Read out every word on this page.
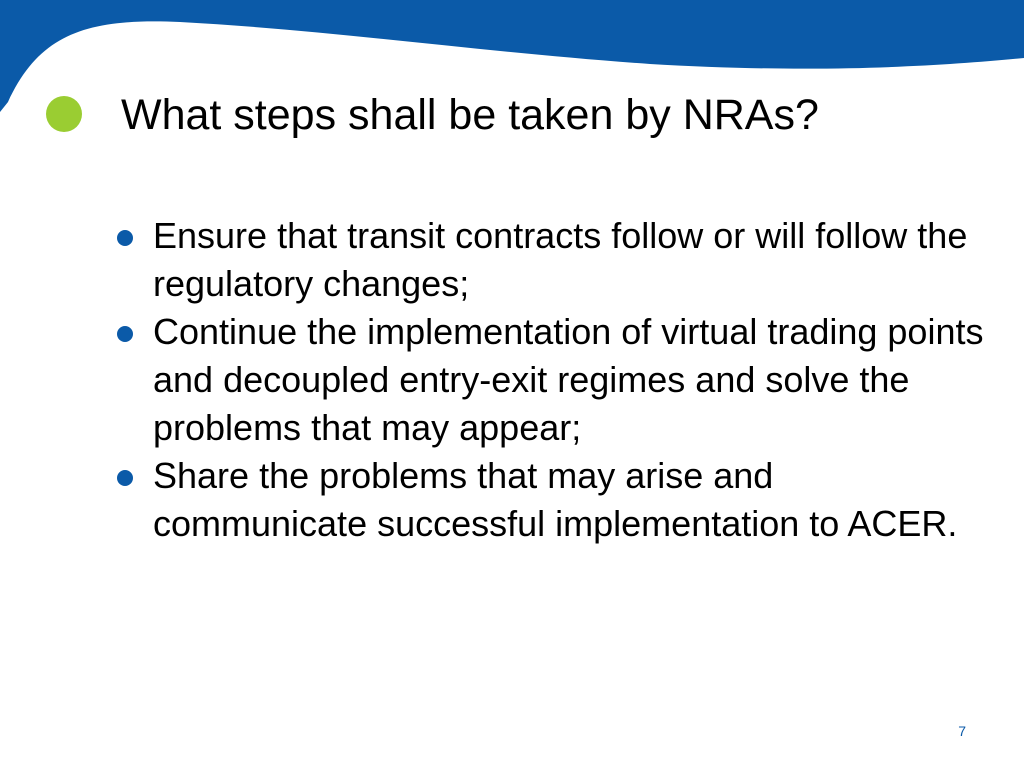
What steps shall be taken by NRAs?
Ensure that transit contracts follow or will follow the regulatory changes;
Continue the implementation of virtual trading points and decoupled entry-exit regimes and solve the problems that may appear;
Share the problems that may arise and communicate successful implementation to ACER.
7
